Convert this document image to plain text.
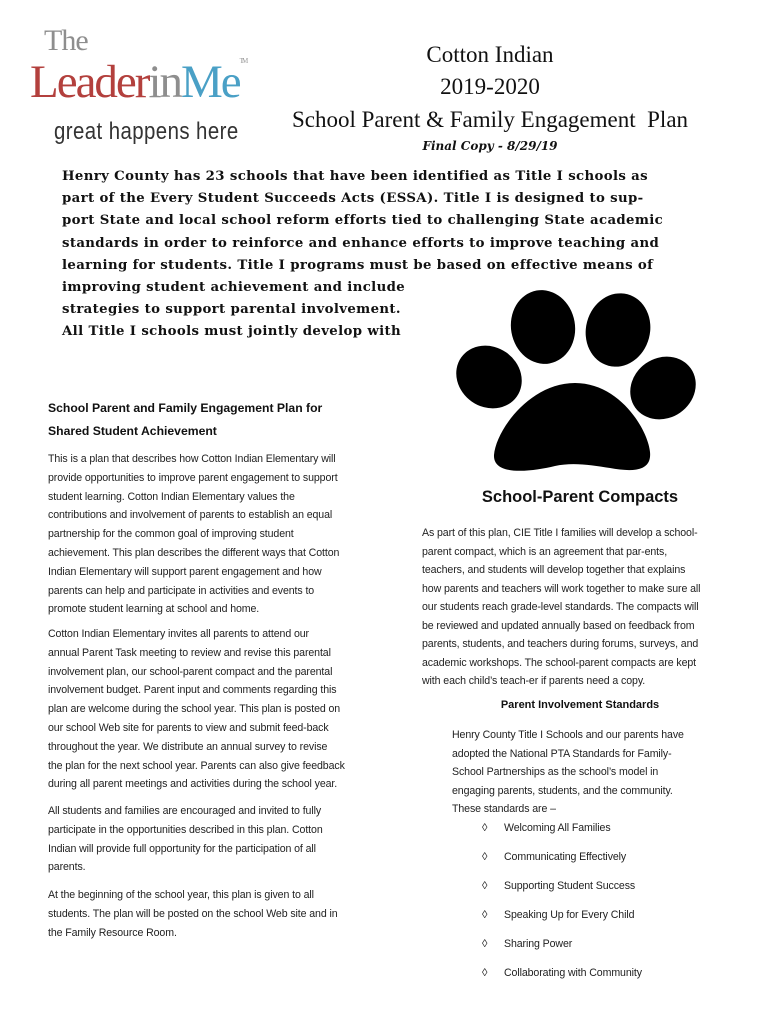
The
LeaderinMe™
great happens here
Cotton Indian
2019-2020
School Parent & Family Engagement  Plan
Final Copy - 8/29/19
Henry County has 23 schools that have been identified as Title I schools as
part of the Every Student Succeeds Acts (ESSA). Title I is designed to sup-
port State and local school reform efforts tied to challenging State academic
standards in order to reinforce and enhance efforts to improve teaching and
learning for students. Title I programs must be based on effective means of
improving student achievement and include
strategies to support parental involvement.
All Title I schools must jointly develop with
School Parent and Family Engagement Plan for
Shared Student Achievement
This is a plan that describes how Cotton Indian Elementary will
provide opportunities to improve parent engagement to support
student learning. Cotton Indian Elementary values the
contributions and involvement of parents to establish an equal
partnership for the common goal of improving student
achievement. This plan describes the different ways that Cotton
Indian Elementary will support parent engagement and how
parents can help and participate in activities and events to
promote student learning at school and home.
Cotton Indian Elementary invites all parents to attend our
annual Parent Task meeting to review and revise this parental
involvement plan, our school-parent compact and the parental
involvement budget. Parent input and comments regarding this
plan are welcome during the school year. This plan is posted on
our school Web site for parents to view and submit feed-back
throughout the year. We distribute an annual survey to revise
the plan for the next school year. Parents can also give feedback
during all parent meetings and activities during the school year.
All students and families are encouraged and invited to fully
participate in the opportunities described in this plan. Cotton
Indian will provide full opportunity for the participation of all
parents.
At the beginning of the school year, this plan is given to all
students. The plan will be posted on the school Web site and in
the Family Resource Room.
School-Parent Compacts
As part of this plan, CIE Title I families will develop a school-
parent compact, which is an agreement that par-ents,
teachers, and students will develop together that explains
how parents and teachers will work together to make sure all
our students reach grade-level standards. The compacts will
be reviewed and updated annually based on feedback from
parents, students, and teachers during forums, surveys, and
academic workshops. The school-parent compacts are kept
with each child’s teach-er if parents need a copy.
Parent Involvement Standards
Henry County Title I Schools and our parents have
adopted the National PTA Standards for Family-
School Partnerships as the school’s model in
engaging parents, students, and the community.
These standards are –
◊ Welcoming All Families
◊ Communicating Effectively
◊ Supporting Student Success
◊ Speaking Up for Every Child
◊ Sharing Power
◊ Collaborating with Community
